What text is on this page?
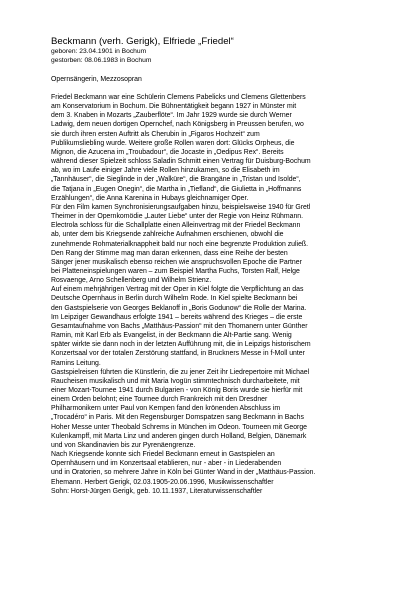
Beckmann (verh. Gerigk), Elfriede „Friedel“

geboren: 23.04.1901 in Bochum

gestorben: 08.06.1983 in Bochum

Opernsängerin, Mezzosopran

Friedel Beckmann war eine Schülerin Clemens Pabelicks und Clemens Glettenbers
am Konservatorium in Bochum. Die Bühnentätigkeit begann 1927 in Münster mit
dem 3. Knaben in Mozarts „Zauberflöte“. Im Jahr 1929 wurde sie durch Werner
Ladwig, dem neuen dortigen Opernchef, nach Königsberg in Preussen berufen, wo
sie durch ihren ersten Auftritt als Cherubin in „Figaros Hochzeit“ zum
Publikumsliebling wurde. Weitere große Rollen waren dort: Glücks Orpheus, die
Mignon, die Azucena im „Troubadour“, die Jocaste in „Oedipus Rex“. Bereits
während dieser Spielzeit schloss Saladin Schmitt einen Vertrag für Duisburg-Bochum
ab, wo im Laufe einiger Jahre viele Rollen hinzukamen, so die Elisabeth im
„Tannhäuser“, die Sieglinde in der „Walküre“, die Brangäne in „Tristan und Isolde“,
die Tatjana in „Eugen Onegin“, die Martha in „Tiefland“, die Giulietta in „Hoffmanns
Erzählungen“, die Anna Karenina in Hubays gleichnamiger Oper.
Für den Film kamen Synchronisierungsaufgaben hinzu, beispielsweise 1940 für Gretl
Theimer in der Opernkomödie „Lauter Liebe“ unter der Regie von Heinz Rühmann.
Electrola schloss für die Schallplatte einen Alleinvertrag mit der Friedel Beckmann
ab, unter dem bis Kriegsende zahlreiche Aufnahmen erschienen, obwohl die
zunehmende Rohmaterialknappheit bald nur noch eine begrenzte Produktion zuließ.
Den Rang der Stimme mag man daran erkennen, dass eine Reihe der besten
Sänger jener musikalisch ebenso reichen wie anspruchsvollen Epoche die Partner
bei Platteneinspielungen waren – zum Beispiel Martha Fuchs, Torsten Ralf, Helge
Rosvaenge, Arno Schellenberg und Wilhelm Strienz.
Auf einem mehrjährigen Vertrag mit der Oper in Kiel folgte die Verpflichtung an das
Deutsche Opernhaus in Berlin durch Wilhelm Rode. In Kiel spielte Beckmann bei
den Gastspielserie von Georges Beklanoff in „Boris Godunow“ die Rolle der Marina.
Im Leipziger Gewandhaus erfolgte 1941 – bereits während des Krieges – die erste
Gesamtaufnahme von Bachs „Matthäus-Passion“ mit den Thomanern unter Günther
Ramin, mit Karl Erb als Evangelist, in der Beckmann die Alt-Partie sang. Wenig
später wirkte sie dann noch in der letzten Aufführung mit, die in Leipzigs historischem
Konzertsaal vor der totalen Zerstörung stattfand, in Bruckners Messe in f-Moll unter
Ramins Leitung.
Gastspielreisen führten die Künstlerin, die zu jener Zeit ihr Liedrepertoire mit Michael
Raucheisen musikalisch und mit Maria Ivogün stimmtechnisch durcharbeitete, mit
einer Mozart-Tournee 1941 durch Bulgarien - von König Boris wurde sie hierfür mit
einem Orden belohnt; eine Tournee durch Frankreich mit den Dresdner
Philharmonikern unter Paul von Kempen fand den krönenden Abschluss im
„Trocadéro“ in Paris. Mit den Regensburger Domspatzen sang Beckmann in Bachs
Hoher Messe unter Theobald Schrems in München im Odeon. Tourneen mit George
Kulenkampff, mit Marta Linz und anderen gingen durch Holland, Belgien, Dänemark
und von Skandinavien bis zur Pyrenäengrenze.
Nach Kriegsende konnte sich Friedel Beckmann erneut in Gastspielen an
Opernhäusern und im Konzertsaal etablieren, nur - aber - in Liederabenden
und in Oratorien, so mehrere Jahre in Köln bei Günter Wand in der „Matthäus-Passion.
Ehemann. Herbert Gerigk, 02.03.1905-20.06.1996, Musikwissenschaftler
Sohn: Horst-Jürgen Gerigk, geb. 10.11.1937, Literaturwissenschaftler
